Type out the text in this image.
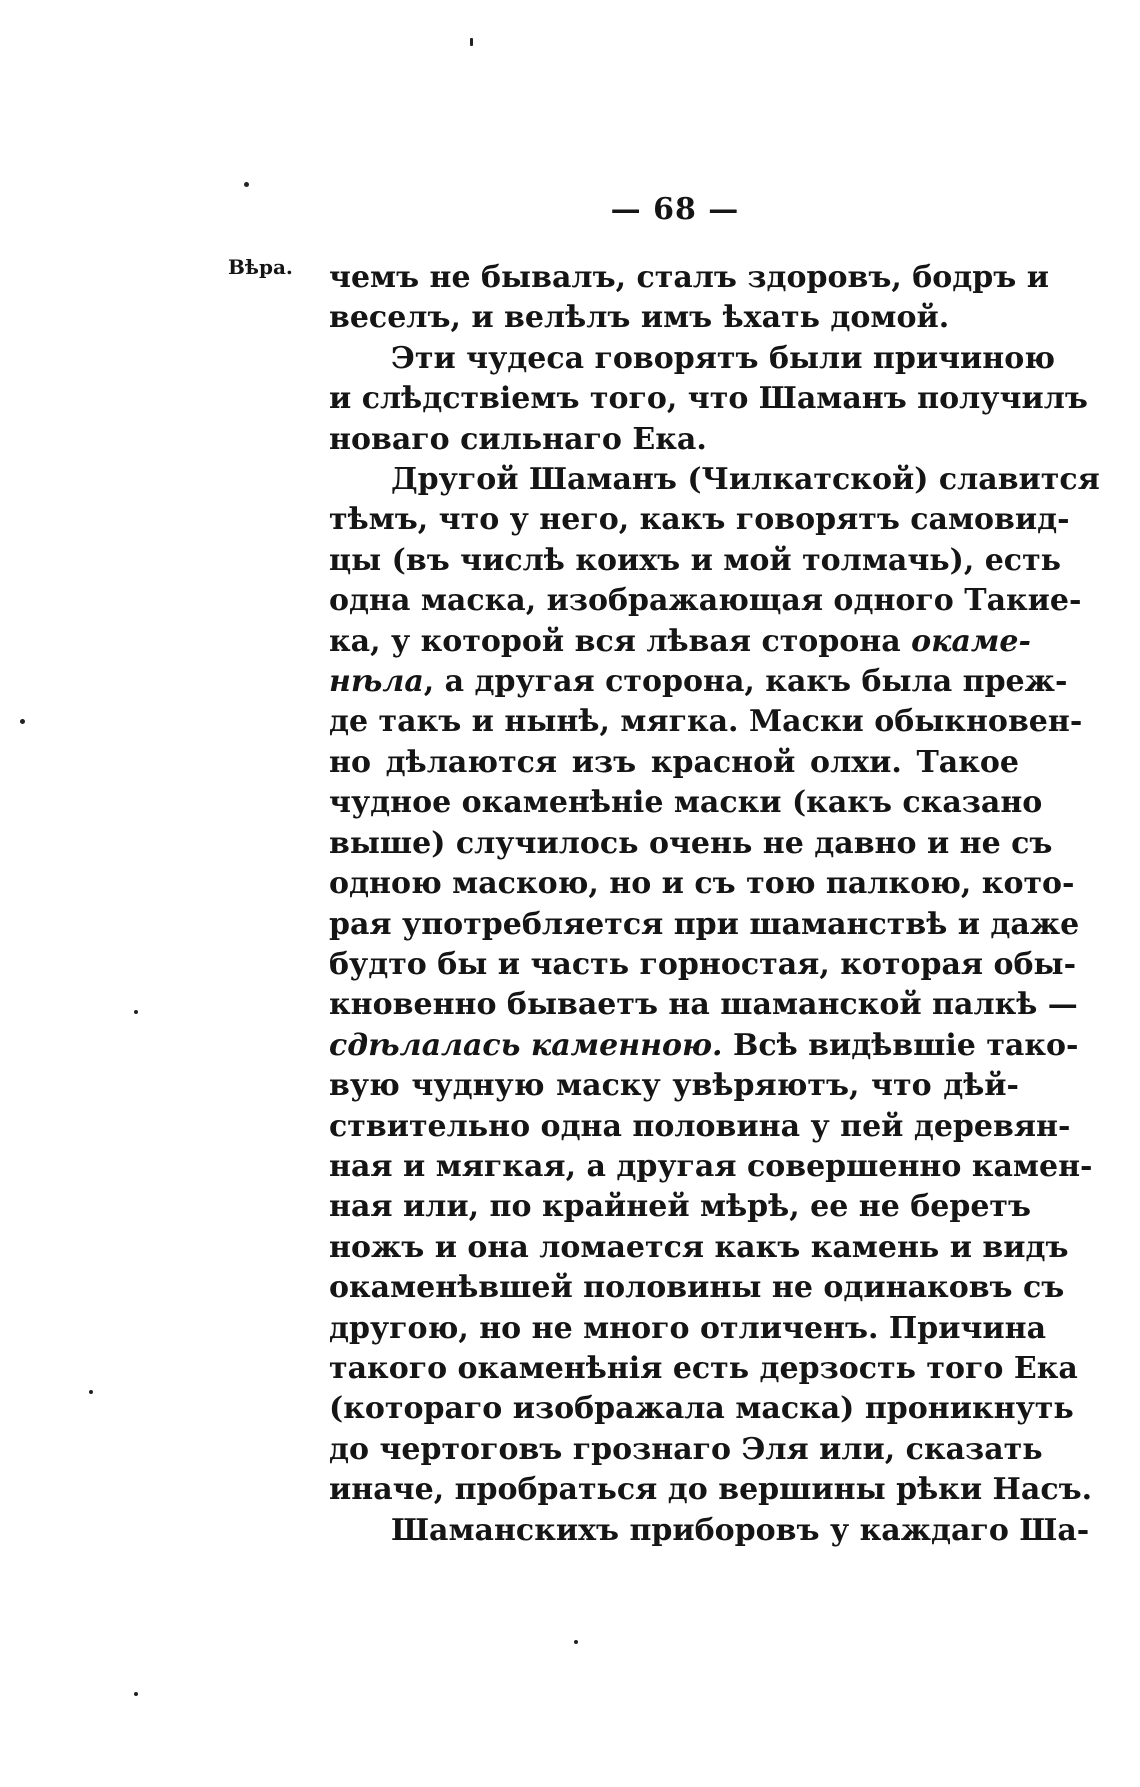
— 68 —
Вѣра. чемъ не бывалъ, сталъ здоровъ, бодръ и
веселъ, и велѣлъ имъ ѣхать домой.
Эти чудеса говорятъ были причиною
и слѣдствіемъ того, что Шаманъ получилъ
новаго сильнаго Ека.
Другой Шаманъ (Чилкатской) славится
тѣмъ, что у него, какъ говорятъ самовид-
цы (въ числѣ коихъ и мой толмачь), есть
одна маска, изображающая одного Такие-
ка, у которой вся лѣвая сторона окаме-
нѣла, а другая сторона, какъ была преж-
де такъ и нынѣ, мягка. Маски обыкновен-
но дѣлаются изъ красной олхи. Такое
чудное окаменѣніе маски (какъ сказано
выше) случилось очень не давно и не съ
одною маскою, но и съ тою палкою, кото-
рая употребляется при шаманствѣ и даже
будто бы и часть горностая, которая обы-
кновенно бываетъ на шаманской палкѣ —
сдѣлалась каменною. Всѣ видѣвшіе тако-
вую чудную маску увѣряютъ, что дѣй-
ствительно одна половина у пей деревян-
ная и мягкая, а другая совершенно камен-
ная или, по крайней мѣрѣ, ее не беретъ
ножъ и она ломается какъ камень и видъ
окаменѣвшей половины не одинаковъ съ
другою, но не много отличенъ. Причина
такого окаменѣнія есть дерзость того Ека
(котораго изображала маска) проникнуть
до чертоговъ грознаго Эля или, сказать
иначе, пробраться до вершины рѣки Насъ.
Шаманскихъ приборовъ у каждаго Ша-
